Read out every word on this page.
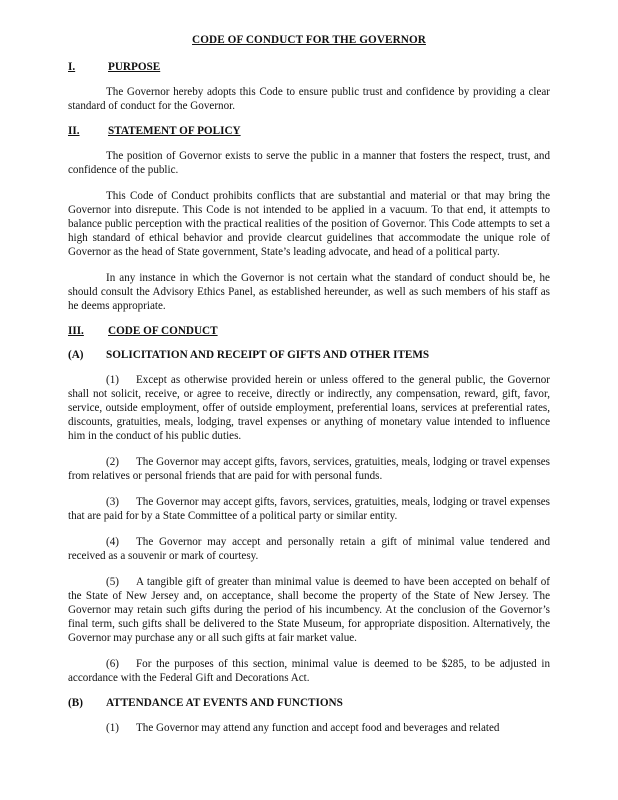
CODE OF CONDUCT FOR THE GOVERNOR
I.	PURPOSE

The Governor hereby adopts this Code to ensure public trust and confidence by providing a clear standard of conduct for the Governor.

II.	STATEMENT OF POLICY

The position of Governor exists to serve the public in a manner that fosters the respect, trust, and confidence of the public.

This Code of Conduct prohibits conflicts that are substantial and material or that may bring the Governor into disrepute. This Code is not intended to be applied in a vacuum. To that end, it attempts to balance public perception with the practical realities of the position of Governor. This Code attempts to set a high standard of ethical behavior and provide clearcut guidelines that accommodate the unique role of Governor as the head of State government, State’s leading advocate, and head of a political party.

In any instance in which the Governor is not certain what the standard of conduct should be, he should consult the Advisory Ethics Panel, as established hereunder, as well as such members of his staff as he deems appropriate.

III.	CODE OF CONDUCT
(A)	SOLICITATION AND RECEIPT OF GIFTS AND OTHER ITEMS

(1) Except as otherwise provided herein or unless offered to the general public, the Governor shall not solicit, receive, or agree to receive, directly or indirectly, any compensation, reward, gift, favor, service, outside employment, offer of outside employment, preferential loans, services at preferential rates, discounts, gratuities, meals, lodging, travel expenses or anything of monetary value intended to influence him in the conduct of his public duties.

(2) The Governor may accept gifts, favors, services, gratuities, meals, lodging or travel expenses from relatives or personal friends that are paid for with personal funds.

(3) The Governor may accept gifts, favors, services, gratuities, meals, lodging or travel expenses that are paid for by a State Committee of a political party or similar entity.

(4) The Governor may accept and personally retain a gift of minimal value tendered and received as a souvenir or mark of courtesy.

(5) A tangible gift of greater than minimal value is deemed to have been accepted on behalf of the State of New Jersey and, on acceptance, shall become the property of the State of New Jersey. The Governor may retain such gifts during the period of his incumbency. At the conclusion of the Governor’s final term, such gifts shall be delivered to the State Museum, for appropriate disposition. Alternatively, the Governor may purchase any or all such gifts at fair market value.

(6) For the purposes of this section, minimal value is deemed to be $285, to be adjusted in accordance with the Federal Gift and Decorations Act.

(B)	ATTENDANCE AT EVENTS AND FUNCTIONS

(1) The Governor may attend any function and accept food and beverages and related
